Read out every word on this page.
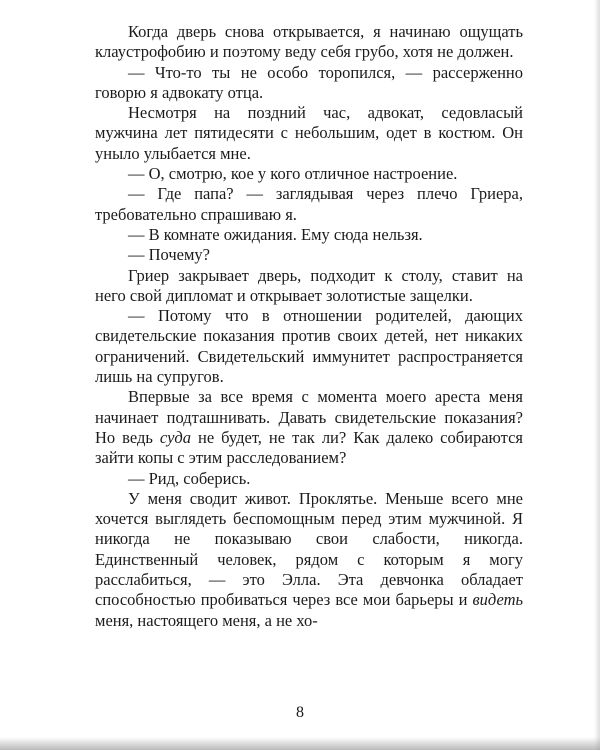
Когда дверь снова открывается, я начинаю ощущать клаустрофобию и поэтому веду себя грубо, хотя не должен.

— Что-то ты не особо торопился, — рассерженно говорю я адвокату отца.

Несмотря на поздний час, адвокат, седовласый мужчина лет пятидесяти с небольшим, одет в костюм. Он уныло улыбается мне.

— О, смотрю, кое у кого отличное настроение.

— Где папа? — заглядывая через плечо Гриера, требовательно спрашиваю я.

— В комнате ожидания. Ему сюда нельзя.

— Почему?

Гриер закрывает дверь, подходит к столу, ставит на него свой дипломат и открывает золотистые защелки.

— Потому что в отношении родителей, дающих свидетельские показания против своих детей, нет никаких ограничений. Свидетельский иммунитет распространяется лишь на супругов.

Впервые за все время с момента моего ареста меня начинает подташнивать. Давать свидетельские показания? Но ведь суда не будет, не так ли? Как далеко собираются зайти копы с этим расследованием?

— Рид, соберись.

У меня сводит живот. Проклятье. Меньше всего мне хочется выглядеть беспомощным перед этим мужчиной. Я никогда не показываю свои слабости, никогда. Единственный человек, рядом с которым я могу расслабиться, — это Элла. Эта девчонка обладает способностью пробиваться через все мои барьеры и видеть меня, настоящего меня, а не хо-

8
